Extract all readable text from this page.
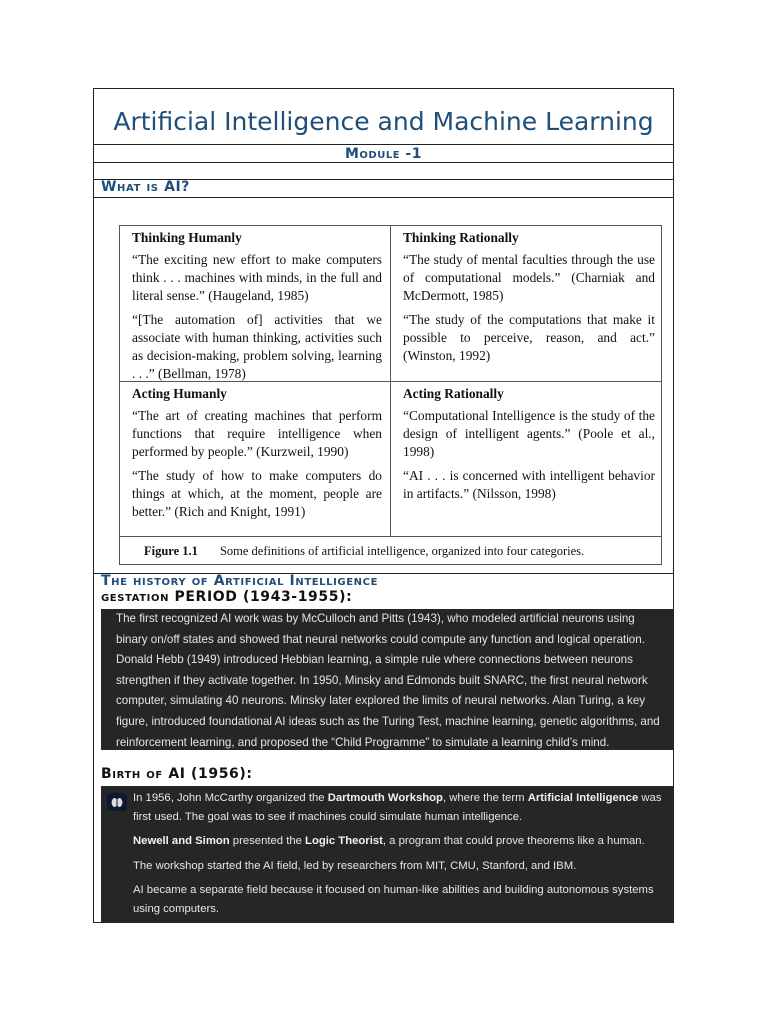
Artificial Intelligence and Machine Learning
Module -1
What is AI?
Thinking Humanly

“The exciting new effort to make computers think . . . machines with minds, in the full and literal sense.” (Haugeland, 1985)

“[The automation of] activities that we associate with human thinking, activities such as decision-making, problem solving, learning . . .” (Bellman, 1978)

Thinking Rationally

“The study of mental faculties through the use of computational models.” (Charniak and McDermott, 1985)

“The study of the computations that make it possible to perceive, reason, and act.” (Winston, 1992)

Acting Humanly

“The art of creating machines that perform functions that require intelligence when performed by people.” (Kurzweil, 1990)

“The study of how to make computers do things at which, at the moment, people are better.” (Rich and Knight, 1991)

Acting Rationally

“Computational Intelligence is the study of the design of intelligent agents.” (Poole et al., 1998)

“AI . . . is concerned with intelligent behavior in artifacts.” (Nilsson, 1998)

Figure 1.1 Some definitions of artificial intelligence, organized into four categories.
The history of Artificial Intelligence
gestation PERIOD (1943-1955):
The first recognized AI work was by McCulloch and Pitts (1943), who modeled artificial neurons using
binary on/off states and showed that neural networks could compute any function and logical operation.
Donald Hebb (1949) introduced Hebbian learning, a simple rule where connections between neurons
strengthen if they activate together. In 1950, Minsky and Edmonds built SNARC, the first neural network
computer, simulating 40 neurons. Minsky later explored the limits of neural networks. Alan Turing, a key
figure, introduced foundational AI ideas such as the Turing Test, machine learning, genetic algorithms, and
reinforcement learning, and proposed the “Child Programme” to simulate a learning child’s mind.
Birth of AI (1956):

In 1956, John McCarthy organized the Dartmouth Workshop, where the term Artificial Intelligence was first used. The goal was to see if machines could simulate human intelligence.

Newell and Simon presented the Logic Theorist, a program that could prove theorems like a human.

The workshop started the AI field, led by researchers from MIT, CMU, Stanford, and IBM.

AI became a separate field because it focused on human-like abilities and building autonomous systems using computers.
